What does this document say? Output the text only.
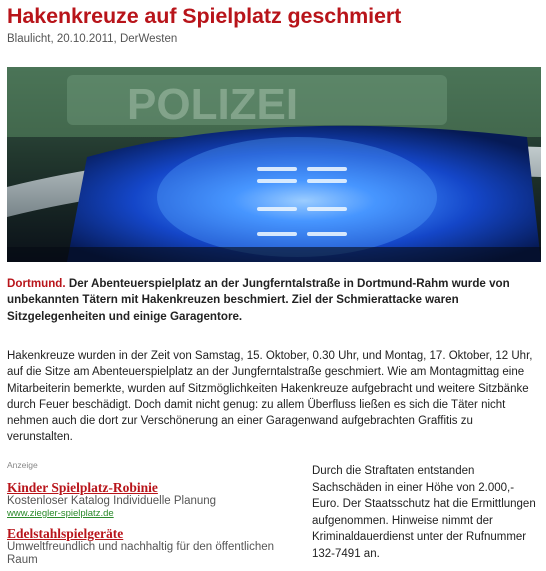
Hakenkreuze auf Spielplatz geschmiert
Blaulicht, 20.10.2011, DerWesten
POLIZEI

Dortmund. Der Abenteuerspielplatz an der Jungferntalstraße in Dortmund-Rahm wurde von unbekannten Tätern mit Hakenkreuzen beschmiert. Ziel der Schmierattacke waren Sitzgelegenheiten und einige Garagentore.

Hakenkreuze wurden in der Zeit von Samstag, 15. Oktober, 0.30 Uhr, und Montag, 17. Oktober, 12 Uhr, auf die Sitze am Abenteuerspielplatz an der Jungferntalstraße geschmiert. Wie am Montagmittag eine Mitarbeiterin bemerkte, wurden auf Sitzmöglichkeiten Hakenkreuze aufgebracht und weitere Sitzbänke durch Feuer beschädigt. Doch damit nicht genug: zu allem Überfluss ließen es sich die Täter nicht nehmen auch die dort zur Verschönerung an einer Garagenwand aufgebrachten Graffitis zu verunstalten.

Anzeige
Kinder Spielplatz-Robinie
Kostenloser Katalog Individuelle Planung
www.ziegler-spielplatz.de
Edelstahlspielgeräte
Umweltfreundlich und nachhaltig für den öffentlichen Raum

Durch die Straftaten entstanden Sachschäden in einer Höhe von 2.000,- Euro. Der Staatsschutz hat die Ermittlungen aufgenommen. Hinweise nimmt der Kriminaldauerdienst unter der Rufnummer 132-7491 an.
